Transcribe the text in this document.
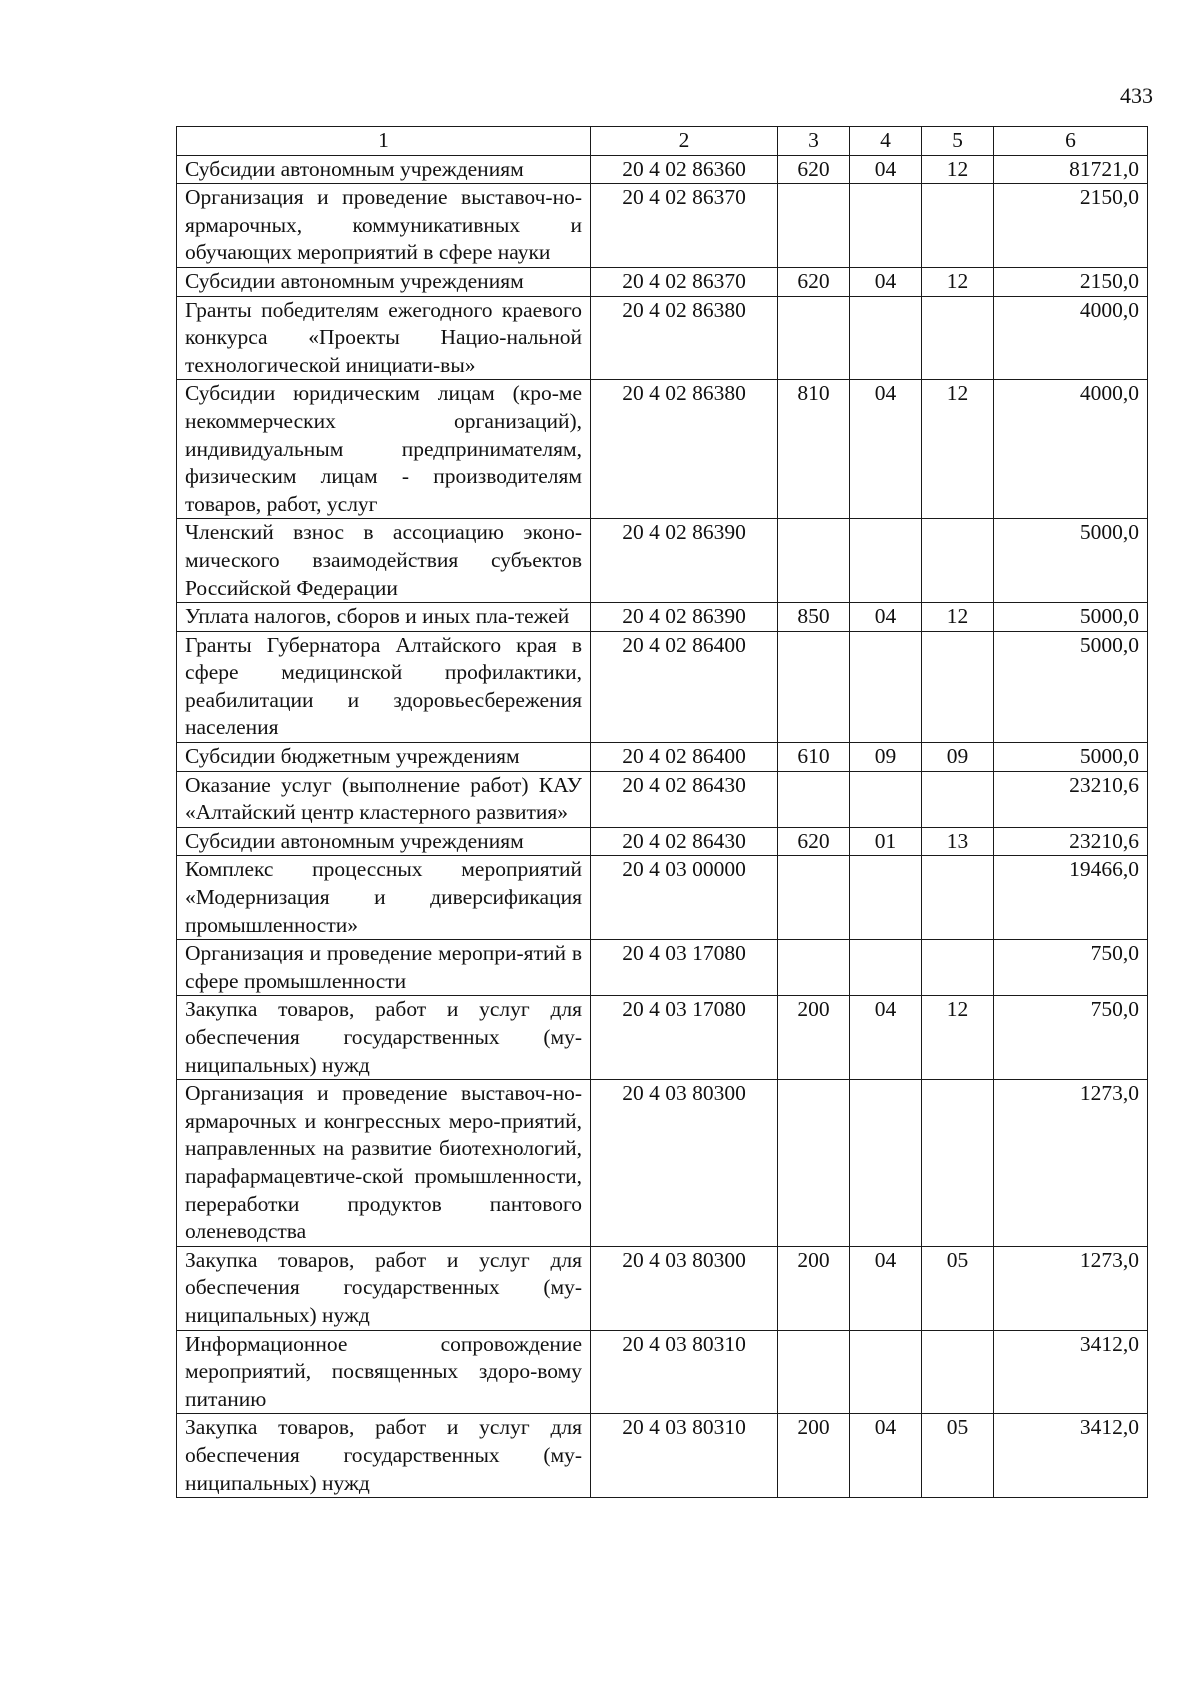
433
1	2	3	4	5	6
Субсидии автономным учреждениям	20 4 02 86360	620	04	12	81721,0
Организация и проведение выставоч-но-ярмарочных, коммуникативных и обучающих мероприятий в сфере науки	20 4 02 86370				2150,0
Субсидии автономным учреждениям	20 4 02 86370	620	04	12	2150,0
Гранты победителям ежегодного краевого конкурса «Проекты Нацио-нальной технологической инициати-вы»	20 4 02 86380				4000,0
Субсидии юридическим лицам (кро-ме некоммерческих организаций), индивидуальным предпринимателям, физическим лицам - производителям товаров, работ, услуг	20 4 02 86380	810	04	12	4000,0
Членский взнос в ассоциацию эконо-мического взаимодействия субъектов Российской Федерации	20 4 02 86390				5000,0
Уплата налогов, сборов и иных пла-тежей	20 4 02 86390	850	04	12	5000,0
Гранты Губернатора Алтайского края в сфере медицинской профилактики, реабилитации и здоровьесбережения населения	20 4 02 86400				5000,0
Субсидии бюджетным учреждениям	20 4 02 86400	610	09	09	5000,0
Оказание услуг (выполнение работ) КАУ «Алтайский центр кластерного развития»	20 4 02 86430				23210,6
Субсидии автономным учреждениям	20 4 02 86430	620	01	13	23210,6
Комплекс процессных мероприятий «Модернизация и диверсификация промышленности»	20 4 03 00000				19466,0
Организация и проведение меропри-ятий в сфере промышленности	20 4 03 17080				750,0
Закупка товаров, работ и услуг для обеспечения государственных (му-ниципальных) нужд	20 4 03 17080	200	04	12	750,0
Организация и проведение выставоч-но-ярмарочных и конгрессных меро-приятий, направленных на развитие биотехнологий, парафармацевтиче-ской промышленности, переработки продуктов пантового оленеводства	20 4 03 80300				1273,0
Закупка товаров, работ и услуг для обеспечения государственных (му-ниципальных) нужд	20 4 03 80300	200	04	05	1273,0
Информационное сопровождение мероприятий, посвященных здоро-вому питанию	20 4 03 80310				3412,0
Закупка товаров, работ и услуг для обеспечения государственных (му-ниципальных) нужд	20 4 03 80310	200	04	05	3412,0
